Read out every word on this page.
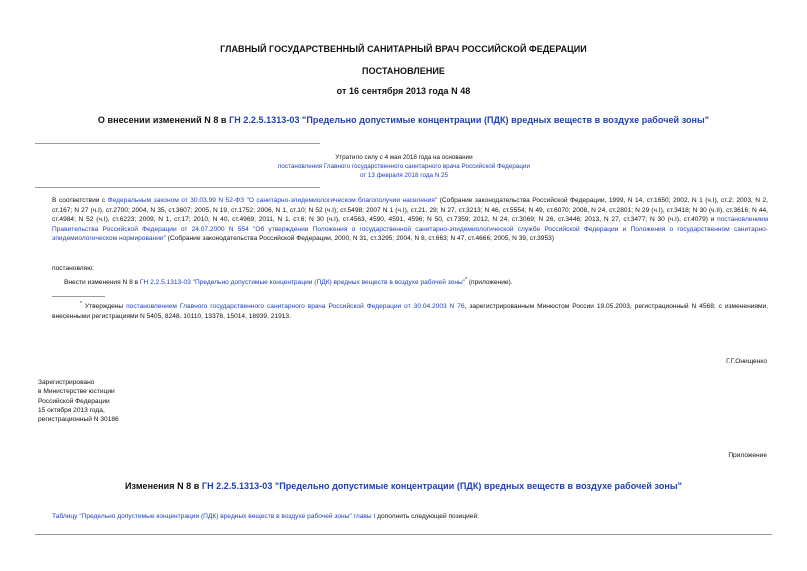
ГЛАВНЫЙ ГОСУДАРСТВЕННЫЙ САНИТАРНЫЙ ВРАЧ РОССИЙСКОЙ ФЕДЕРАЦИИ
ПОСТАНОВЛЕНИЕ
от 16 сентября 2013 года N 48
О внесении изменений N 8 в ГН 2.2.5.1313-03 "Предельно допустимые концентрации (ПДК) вредных веществ в воздухе рабочей зоны"
Утратило силу с 4 мая 2018 года на основании
постановления Главного государственного санитарного врача Российской Федерации
от 13 февраля 2018 года N 25
В соответствии с Федеральным законом от 30.03.99 N 52-ФЗ "О санитарно-эпидемиологическом благополучии населения" (Собрание законодательства Российской Федерации, 1999, N 14, ст.1650; 2002, N 1 (ч.I), ст.2; 2003, N 2, ст.167; N 27 (ч.I), ст.2700; 2004, N 35, ст.3607; 2005, N 19, ст.1752; 2006, N 1, ст.10; N 52 (ч.I); ст.5498; 2007 N 1 (ч.I), ст.21, 29; N 27, ст.3213; N 46, ст.5554; N 49, ст.6070; 2008, N 24, ст.2801; N 29 (ч.I), ст.3418; N 30 (ч.II), ст.3616; N 44, ст.4984; N 52 (ч.I), ст.6223; 2009, N 1, ст.17; 2010, N 40, ст.4969; 2011, N 1, ст.6; N 30 (ч.I), ст.4563, 4590, 4591, 4596; N 50, ст.7359; 2012, N 24, ст.3069; N 26, ст.3446; 2013, N 27, ст.3477; N 30 (ч.I), ст.4079) и постановлением Правительства Российской Федерации от 24.07.2000 N 554 "Об утверждении Положения о государственной санитарно-эпидемиологической службе Российской Федерации и Положения о государственном санитарно-эпидемиологическом нормировании" (Собрание законодательства Российской Федерации, 2000, N 31, ст.3295; 2004, N 8, ст.663; N 47, ст.4666; 2005, N 39, ст.3953)
постановляю:
Внести изменения N 8 в ГН 2.2.5.1313-03 "Предельно допустимые концентрации (ПДК) вредных веществ в воздухе рабочей зоны"* (приложение).
* Утверждены постановлением Главного государственного санитарного врача Российской Федерации от 30.04.2003 N 76, зарегистрированным Минюстом России 19.05.2003, регистрационный N 4568; с изменениями, внесенными регистрациями N 5405, 8248, 10110, 13378, 15014, 18939, 21913.
Г.Г.Онищенко
Зарегистрировано
в Министерстве юстиции
Российской Федерации
15 октября 2013 года,
регистрационный N 30186
Приложение
Изменения N 8 в ГН 2.2.5.1313-03 "Предельно допустимые концентрации (ПДК) вредных веществ в воздухе рабочей зоны"
Таблицу "Предельно допустимые концентрации (ПДК) вредных веществ в воздухе рабочей зоны" главы I дополнить следующей позицией:
